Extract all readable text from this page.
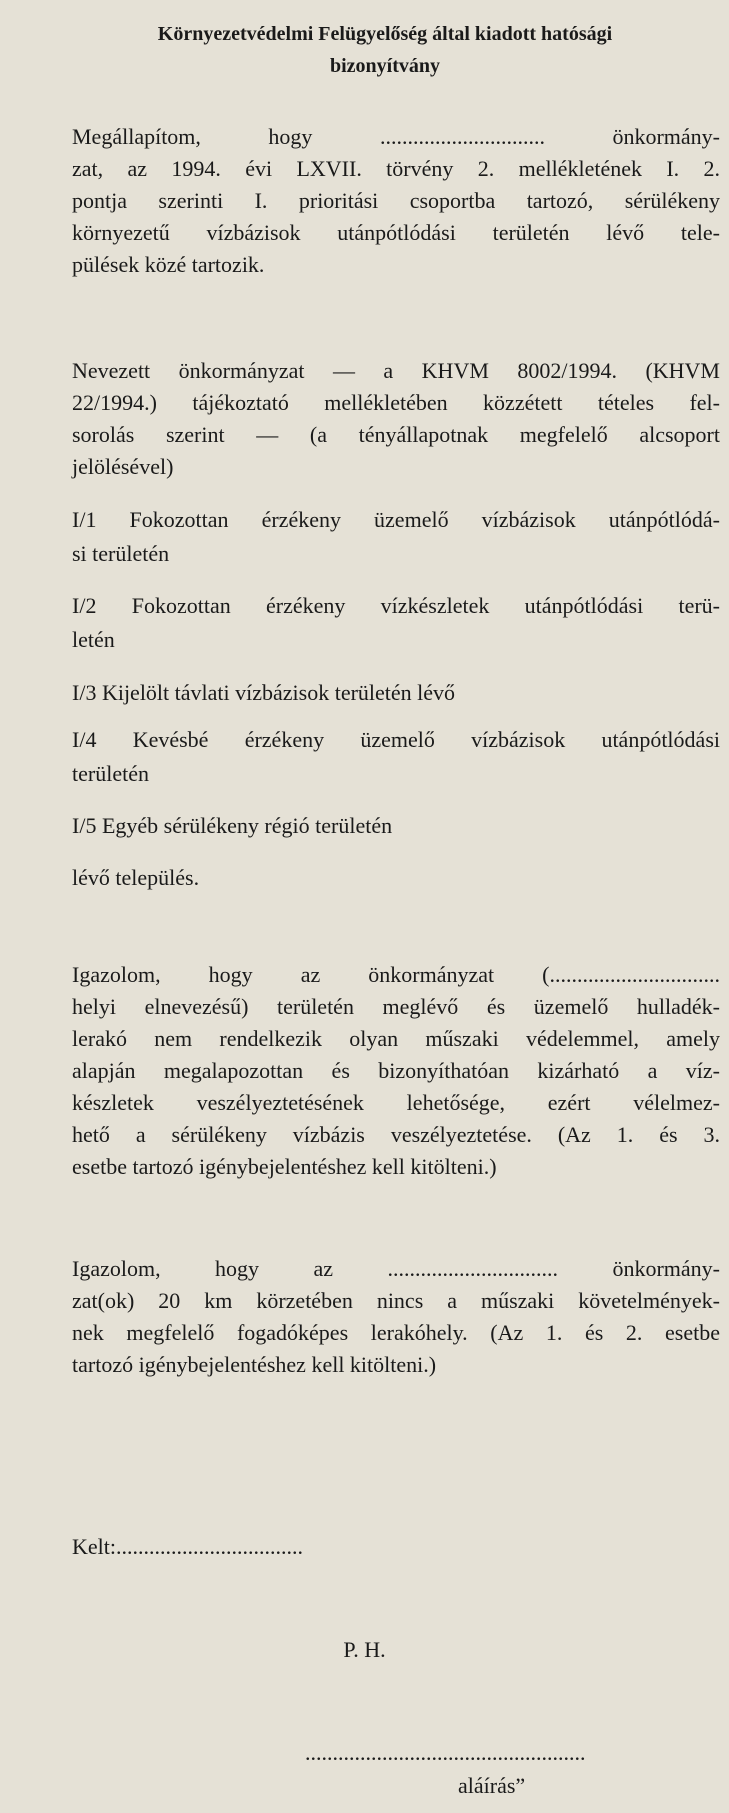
Környezetvédelmi Felügyelőség által kiadott hatósági
bizonyítvány
Megállapítom, hogy .............................. önkormány-
zat, az 1994. évi LXVII. törvény 2. mellékletének I. 2.
pontja szerinti I. prioritási csoportba tartozó, sérülékeny
környezetű vízbázisok utánpótlódási területén lévő tele-
pülések közé tartozik.
Nevezett önkormányzat — a KHVM 8002/1994. (KHVM
22/1994.) tájékoztató mellékletében közzétett tételes fel-
sorolás szerint — (a tényállapotnak megfelelő alcsoport
jelölésével)
I/1 Fokozottan érzékeny üzemelő vízbázisok utánpótlódá-
si területén
I/2 Fokozottan érzékeny vízkészletek utánpótlódási terü-
letén
I/3 Kijelölt távlati vízbázisok területén lévő
I/4 Kevésbé érzékeny üzemelő vízbázisok utánpótlódási
területén
I/5 Egyéb sérülékeny régió területén
lévő település.
Igazolom, hogy az önkormányzat (...............................
helyi elnevezésű) területén meglévő és üzemelő hulladék-
lerakó nem rendelkezik olyan műszaki védelemmel, amely
alapján megalapozottan és bizonyíthatóan kizárható a víz-
készletek veszélyeztetésének lehetősége, ezért vélelmez-
hető a sérülékeny vízbázis veszélyeztetése. (Az 1. és 3.
esetbe tartozó igénybejelentéshez kell kitölteni.)
Igazolom, hogy az ............................... önkormány-
zat(ok) 20 km körzetében nincs a műszaki követelmények-
nek megfelelő fogadóképes lerakóhely. (Az 1. és 2. esetbe
tartozó igénybejelentéshez kell kitölteni.)
Kelt:..................................
P. H.
...................................................
aláírás”
